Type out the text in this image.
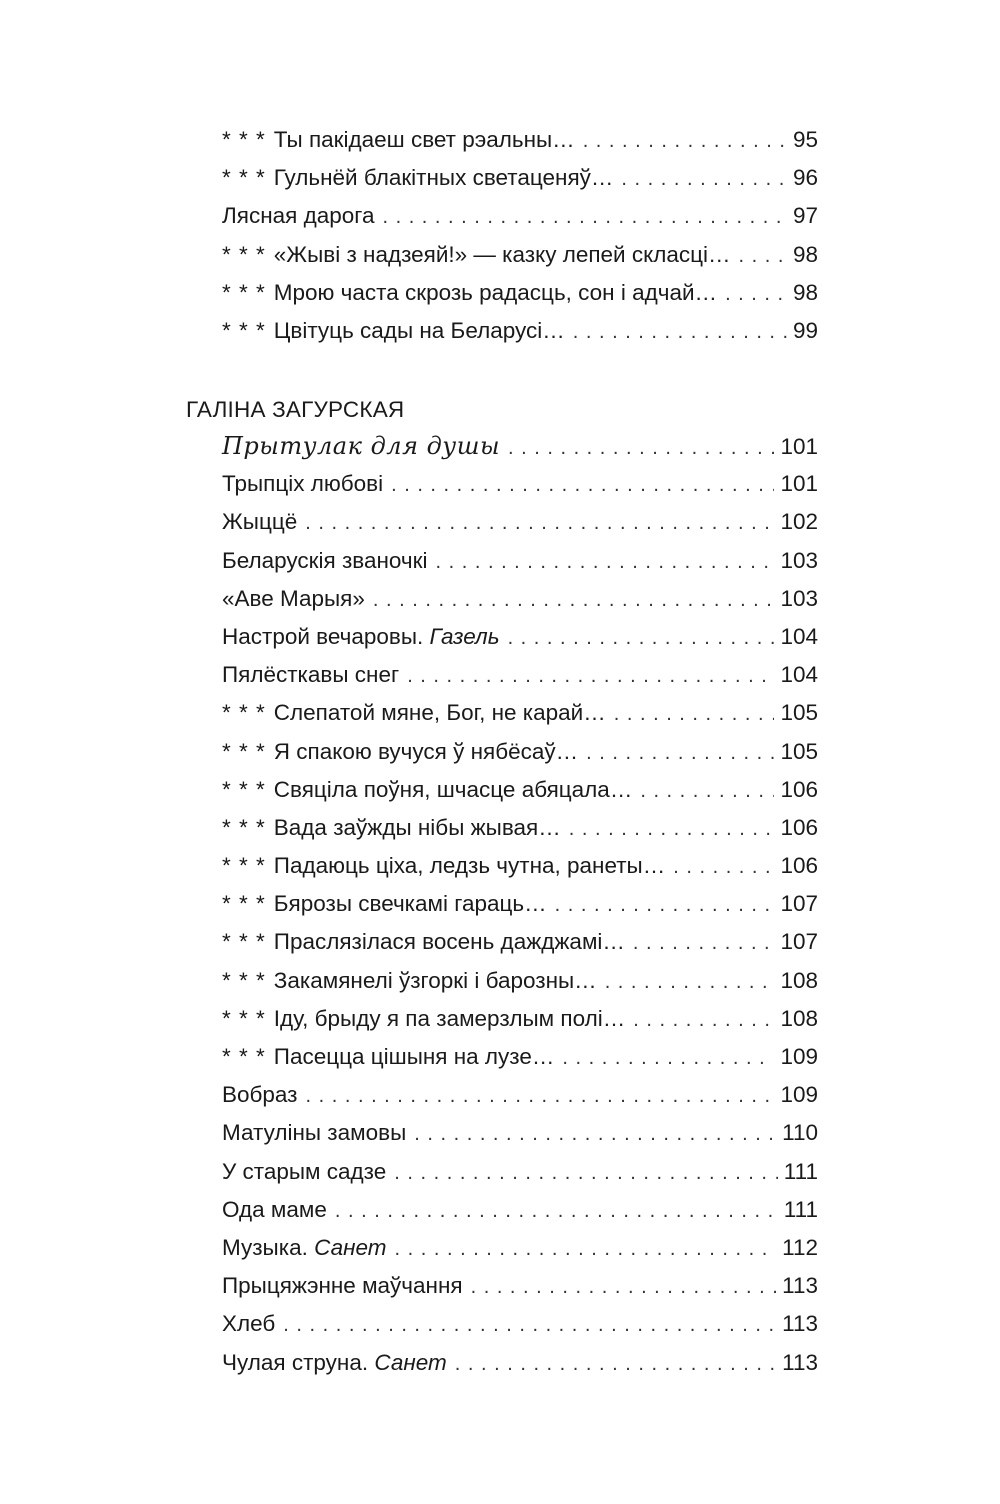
* * * Ты пакідаеш свет рэальны… . . .	95
* * * Гульнёй блакітных светаценяў… . . .	96
Лясная дарога . . .	97
* * * «Жыві з надзеяй!» — казку лепей скласці… . . .	98
* * * Мрою часта скрозь радасць, сон і адчай… . . .	98
* * * Цвітуць сады на Беларусі… . . .	99
ГАЛІНА ЗАГУРСКАЯ
Прытулак для душы . . .	101
Трыпціх любові . . .	101
Жыццё . . .	102
Беларускія званочкі . . .	103
«Аве Марыя» . . .	103
Настрой вечаровы. Газель . . .	104
Пялёсткавы снег . . .	104
* * * Слепатой мяне, Бог, не карай… . . .	105
* * * Я спакою вучуся ў нябёсаў… . . .	105
* * * Свяціла поўня, шчасце абяцала… . . .	106
* * * Вада заўжды нібы жывая… . . .	106
* * * Падаюць ціха, ледзь чутна, ранеты… . . .	106
* * * Бярозы свечкамі гараць… . . .	107
* * * Праслязілася восень дажджамі… . . .	107
* * * Закамянелі ўзгоркі і барозны… . . .	108
* * * Іду, брыду я па замерзлым полі… . . .	108
* * * Пасецца цішыня на лузе… . . .	109
Вобраз . . .	109
Матуліны замовы . . .	110
У старым садзе . . .	111
Ода маме . . .	111
Музыка. Санет . . .	112
Прыцяжэнне маўчання . . .	113
Хлеб . . .	113
Чулая струна. Санет . . .	113
